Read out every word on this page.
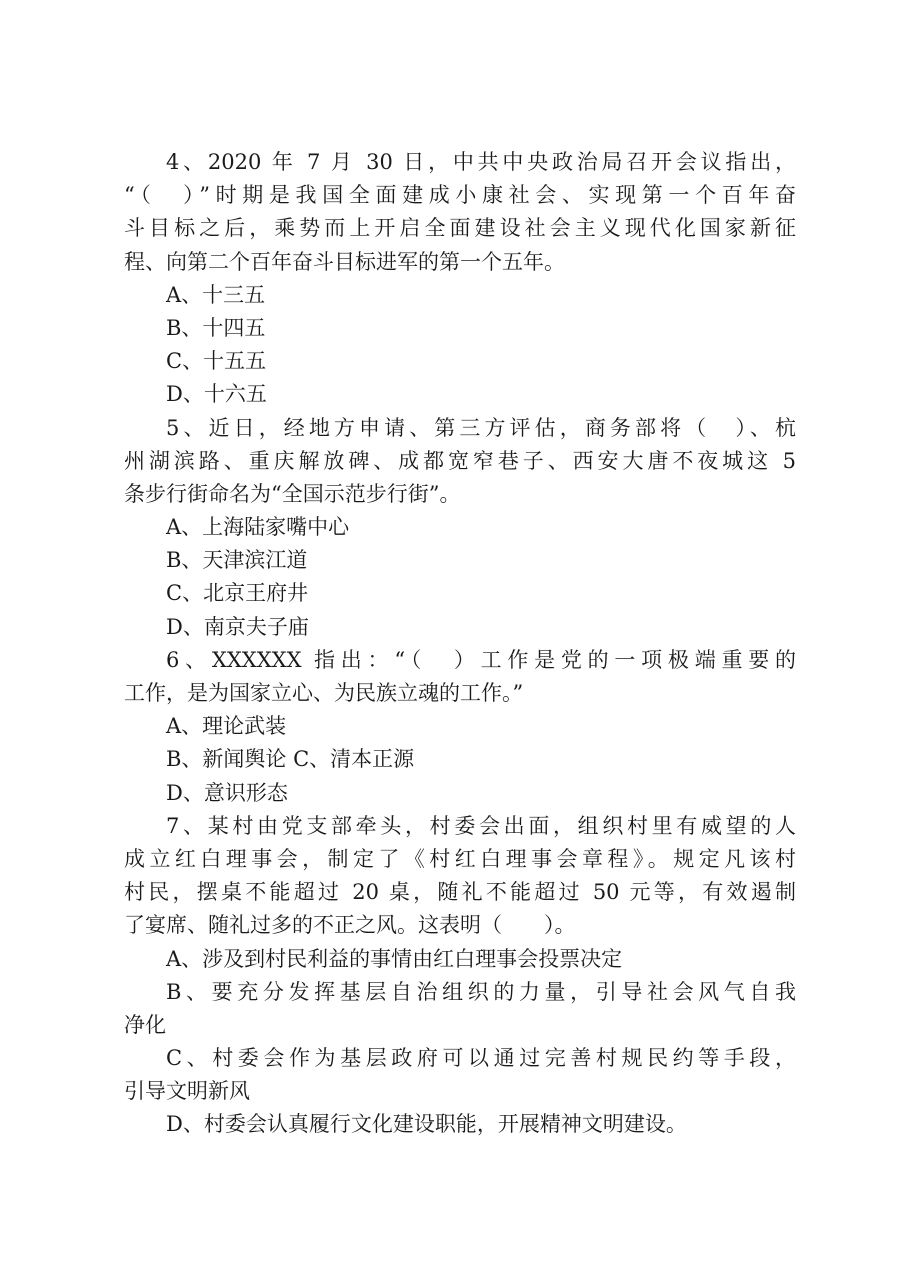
4、2020 年 7 月 30 日，中共中央政治局召开会议指出，
“（　）”时期是我国全面建成小康社会、实现第一个百年奋
斗目标之后，乘势而上开启全面建设社会主义现代化国家新征
程、向第二个百年奋斗目标进军的第一个五年。
A、十三五
B、十四五
C、十五五
D、十六五
5、近日，经地方申请、第三方评估，商务部将（　）、杭
州湖滨路、重庆解放碑、成都宽窄巷子、西安大唐不夜城这 5
条步行街命名为“全国示范步行街”。
A、上海陆家嘴中心
B、天津滨江道
C、北京王府井
D、南京夫子庙
6、XXXXXX 指出：“（　）工作是党的一项极端重要的
工作，是为国家立心、为民族立魂的工作。”
A、理论武装
B、新闻舆论 C、清本正源
D、意识形态
7、某村由党支部牵头，村委会出面，组织村里有威望的人
成立红白理事会，制定了《村红白理事会章程》。规定凡该村
村民，摆桌不能超过 20 桌，随礼不能超过 50 元等，有效遏制
了宴席、随礼过多的不正之风。这表明（　　）。
A、涉及到村民利益的事情由红白理事会投票决定
B、要充分发挥基层自治组织的力量，引导社会风气自我
净化
C、村委会作为基层政府可以通过完善村规民约等手段，
引导文明新风
D、村委会认真履行文化建设职能，开展精神文明建设。
